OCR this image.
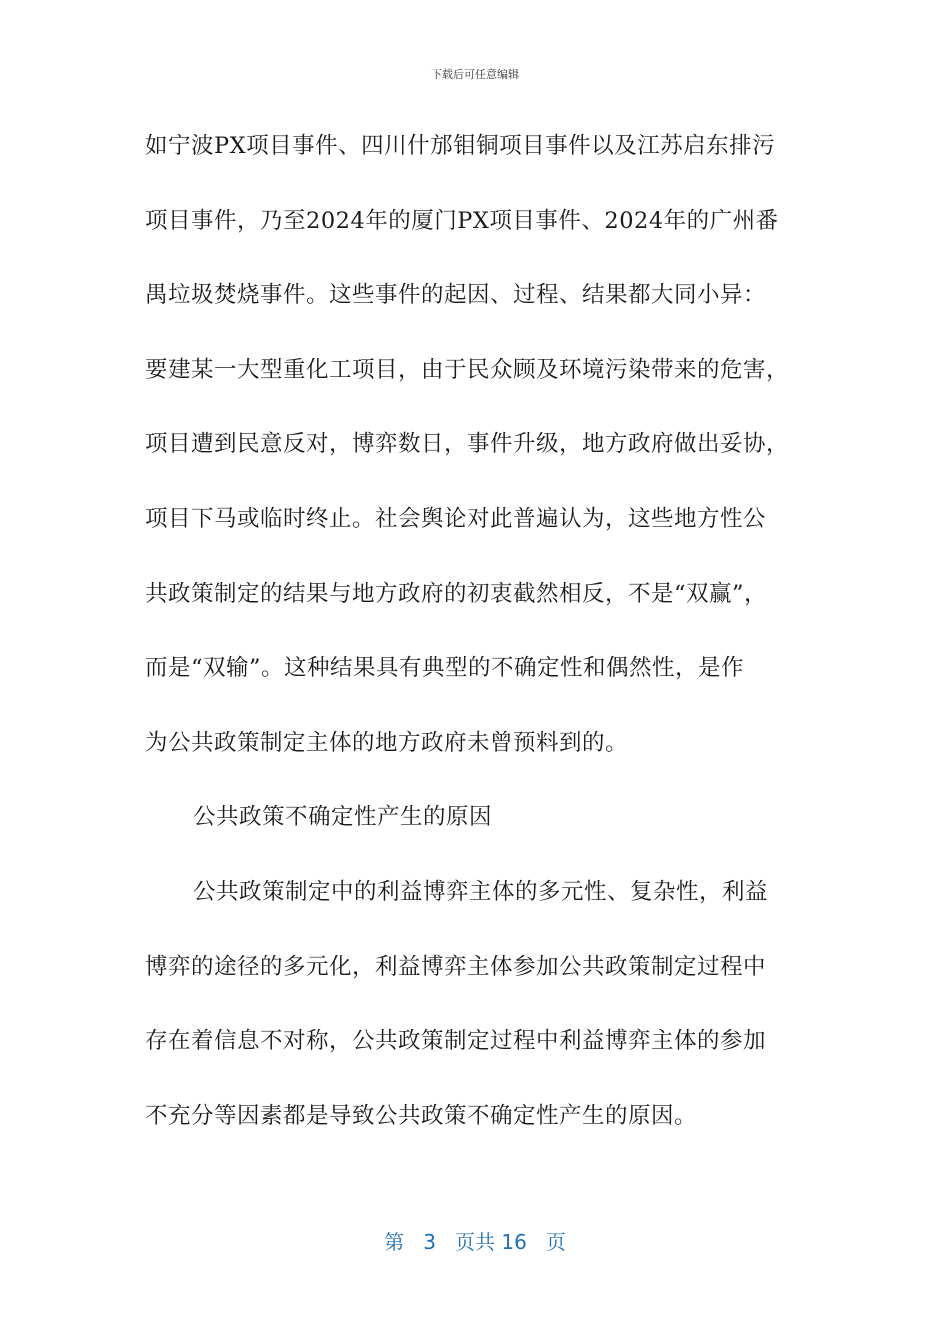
下载后可任意编辑
如宁波PX项目事件、四川什邡钼铜项目事件以及江苏启东排污
项目事件，乃至2024年的厦门PX项目事件、2024年的广州番
禺垃圾焚烧事件。这些事件的起因、过程、结果都大同小异：
要建某一大型重化工项目，由于民众顾及环境污染带来的危害，
项目遭到民意反对，博弈数日，事件升级，地方政府做出妥协，
项目下马或临时终止。社会舆论对此普遍认为，这些地方性公
共政策制定的结果与地方政府的初衷截然相反，不是“双赢”，
而是“双输”。这种结果具有典型的不确定性和偶然性，是作
为公共政策制定主体的地方政府未曾预料到的。
公共政策不确定性产生的原因
公共政策制定中的利益博弈主体的多元性、复杂性，利益
博弈的途径的多元化，利益博弈主体参加公共政策制定过程中
存在着信息不对称，公共政策制定过程中利益博弈主体的参加
不充分等因素都是导致公共政策不确定性产生的原因。
第 3 页共 16 页
